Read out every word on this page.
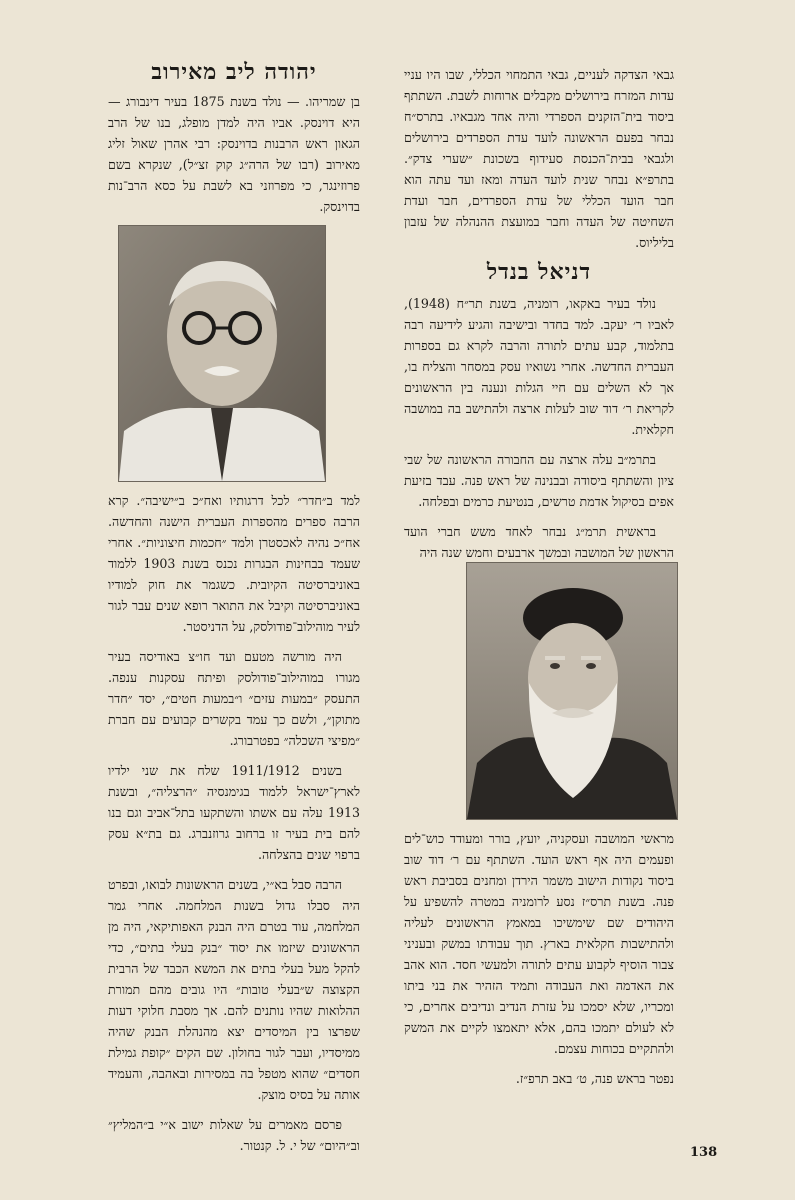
גבאי הצדקה לעניים, גבאי התמחוי הכללי, שבו היו עניי עדות המזרח בירושלים מקבלים ארוחות לשבת. השתתף ביסוד בית־הזקנים הספרדי והיה אחד מגבאיו. בתרס״ח נבחר בפעם הראשונה לועד עדת הספרדים בירושלים ולגבאי בבית־הכנסת סעידוף בשכונת ״שערי צדק״. בתרפ״א נבחר שנית לועד העדה ומאז ועד עתה הוא חבר הועד הכללי של עדת הספרדים, חבר ועדת השחיטה של העדה וחבר במועצת ההנהלה של עזבון בליליוס.

דניאל בנדל

נולד בעיר באקאו, רומניה, בשנת תר״ח (1948), לאביו ר׳ יעקב. למד בחדר ובישיבה והגיע לידיעה רבה בתלמוד, קבע עתים לתורה והרבה לקרא גם בספרות העברית החדשה. אחרי נשואיו עסק במסחר והצליח בו, אך לא השלים עם חיי הגלות ונענה בין הראשונים לקריאת ר׳ דוד שוב לעלות ארצה ולהתישב בה במושבה חקלאית.

בתרמ״ב עלה ארצה עם החבורה הראשונה של שבי ציון והשתתף ביסודה ובבנינה של ראש פנה. עבד בזיעת אפים בסיקול אדמת טרשים, בנטיעת כרמים ובפלחה.

בראשית תרמ״ג נבחר לאחד משש חברי הועד הראשון של המושבה ובמשך ארבעים וחמש שנה היה

מראשי המושבה ועסקניה, יועץ, בורר ומעודד כוש־לים ופעמים היה אף ראש הועד. השתתף עם ר׳ דוד שוב ביסוד נקודות הישוב משמר הירדן ומחנים בסביבת ראש פנה. בשנת תרס״ז נסע לרומניה במטרה להשפיע על היהודים שם שימשיכו במאמץ הראשונים לעליה ולהתישבות חקלאית בארץ. תוך עבודתו במשק ובעניני צבור הוסיף לקבוע עתים לתורה ולמעשי חסד. הוא אהב את האדמה ואת העבודה ותמיד הזהיר את בני ביתו ומכריו, שלא יסמכו על עזרת הנדיב ונדיבים אחרים, כי לא לעולם יתמכו בהם, אלא יתאמצו לקיים את המשק ולהתקיים בכוחות עצמם.

נפטר בראש פנה, ט׳ באב תרפ״ז.

יהודה ליב מאירוב

בן שמריהו. — נולד בשנת 1875 בעיר דינבורג — היא דוינסק. אביו היה למדן מופלג, בנו של הרב הגאון ראש הרבנות בדוינסק: רבי אהרן שאול זליג מאירוב (רבו של הרה״ג קוק זצ״ל), שנקרא בשם פרוזינגר, כי מפרוזני בא לשבת על כסא הרב־נות בדוינסק.

למד ב״חדר״ לכל דרגותיו ואח״כ ב״ישיבה״. קרא הרבה ספרים מהספרות העברית הישנה והחדשה. אח״כ נהיה לאכסטרן ולמד ״חכמות חיצוניות״. אחרי שעמד בבחינות הבגרות נכנס בשנת 1903 ללמוד באוניברסיטה הקיובית. כשגמר את חוק למודיו באוניברסיטה וקיבל את התואר רופא שנים עבר לגור לעיר מוהילוב־פודולסק, על הדניסטר.

היה מורשה מטעם ועד חו״צ באודיסה בעיר מגורו במוהילוב־פודולסק ופיתח עסקנות ענפה. התעסק ״במעות עזים״ ו״במעות חטים״, יסד ״חדר מתוקן״, ולשם כך עמד בקשרים קבועים עם חברת ״מפיצי השכלה״ בפטרבורג.

בשנים 1911/1912 שלח את שני ילדיו לארץ־ישראל ללמוד בגימנסיה ״הרצליה״, ובשנת 1913 עלה עם אשתו והשתקעו בתל־אביב וגם בנו להם בית בעיר זו ברחוב גרוזנברג. גם בת״א עסק ברפוי שנים בהצלחה.

הרבה סבל בא״י, בשנים הראשונות לבואו, ובפרט היה סבלו גדול בשנות המלחמה. אחרי גמר המלחמה, עוד בטרם היה הבנק האפותיקאי, היה מן הראשונים שיזמו את יסוד ״בנק בעלי בתים״, כדי להקל מעל בעלי בתים את המשא הכבד של הרבית הקצוצה ש״בעלי טובות״ היו גובים מהם תמורת ההלואות שהיו נותנים להם. אך מסבת חלוקי דעות שפרצו בין המיסדים יצא מהנהלת הבנק שהיה ממיסדיו, ועבר לגור בחולון. שם הקים ״קופת גמילת חסדים״ שהוא מטפל בה במסירות ובאהבה, והעמיד אותה על בסיס מוצק.

פרסם מאמרים על שאלות ישוב א״י ב״המליץ״ וב״היום״ של י. ל. קנטור.	138
